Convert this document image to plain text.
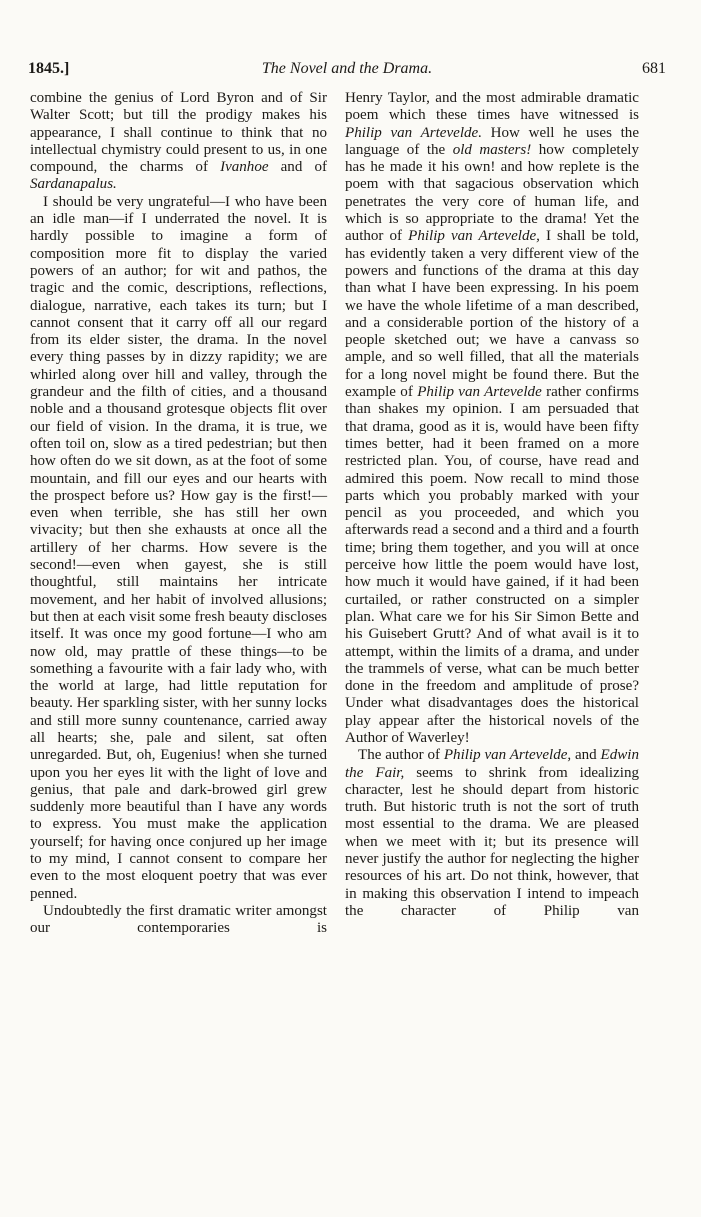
1845.]	The Novel and the Drama.	681

combine the genius of Lord Byron and of Sir Walter Scott; but till the prodigy makes his appearance, I shall continue to think that no intellectual chymistry could present to us, in one compound, the charms of Ivanhoe and of Sardanapalus.

I should be very ungrateful—I who have been an idle man—if I underrated the novel. It is hardly possible to imagine a form of composition more fit to display the varied powers of an author; for wit and pathos, the tragic and the comic, descriptions, reflections, dialogue, narrative, each takes its turn; but I cannot consent that it carry off all our regard from its elder sister, the drama. In the novel every thing passes by in dizzy rapidity; we are whirled along over hill and valley, through the grandeur and the filth of cities, and a thousand noble and a thousand grotesque objects flit over our field of vision. In the drama, it is true, we often toil on, slow as a tired pedestrian; but then how often do we sit down, as at the foot of some mountain, and fill our eyes and our hearts with the prospect before us? How gay is the first!—even when terrible, she has still her own vivacity; but then she exhausts at once all the artillery of her charms. How severe is the second!—even when gayest, she is still thoughtful, still maintains her intricate movement, and her habit of involved allusions; but then at each visit some fresh beauty discloses itself. It was once my good fortune—I who am now old, may prattle of these things—to be something a favourite with a fair lady who, with the world at large, had little reputation for beauty. Her sparkling sister, with her sunny locks and still more sunny countenance, carried away all hearts; she, pale and silent, sat often unregarded. But, oh, Eugenius! when she turned upon you her eyes lit with the light of love and genius, that pale and dark-browed girl grew suddenly more beautiful than I have any words to express. You must make the application yourself; for having once conjured up her image to my mind, I cannot consent to compare her even to the most eloquent poetry that was ever penned.

Undoubtedly the first dramatic writer amongst our contemporaries is

Henry Taylor, and the most admirable dramatic poem which these times have witnessed is Philip van Artevelde. How well he uses the language of the old masters! how completely has he made it his own! and how replete is the poem with that sagacious observation which penetrates the very core of human life, and which is so appropriate to the drama! Yet the author of Philip van Artevelde, I shall be told, has evidently taken a very different view of the powers and functions of the drama at this day than what I have been expressing. In his poem we have the whole lifetime of a man described, and a considerable portion of the history of a people sketched out; we have a canvass so ample, and so well filled, that all the materials for a long novel might be found there. But the example of Philip van Artevelde rather confirms than shakes my opinion. I am persuaded that that drama, good as it is, would have been fifty times better, had it been framed on a more restricted plan. You, of course, have read and admired this poem. Now recall to mind those parts which you probably marked with your pencil as you proceeded, and which you afterwards read a second and a third and a fourth time; bring them together, and you will at once perceive how little the poem would have lost, how much it would have gained, if it had been curtailed, or rather constructed on a simpler plan. What care we for his Sir Simon Bette and his Guisebert Grutt? And of what avail is it to attempt, within the limits of a drama, and under the trammels of verse, what can be much better done in the freedom and amplitude of prose? Under what disadvantages does the historical play appear after the historical novels of the Author of Waverley!

The author of Philip van Artevelde, and Edwin the Fair, seems to shrink from idealizing character, lest he should depart from historic truth. But historic truth is not the sort of truth most essential to the drama. We are pleased when we meet with it; but its presence will never justify the author for neglecting the higher resources of his art. Do not think, however, that in making this observation I intend to impeach the character of Philip van
